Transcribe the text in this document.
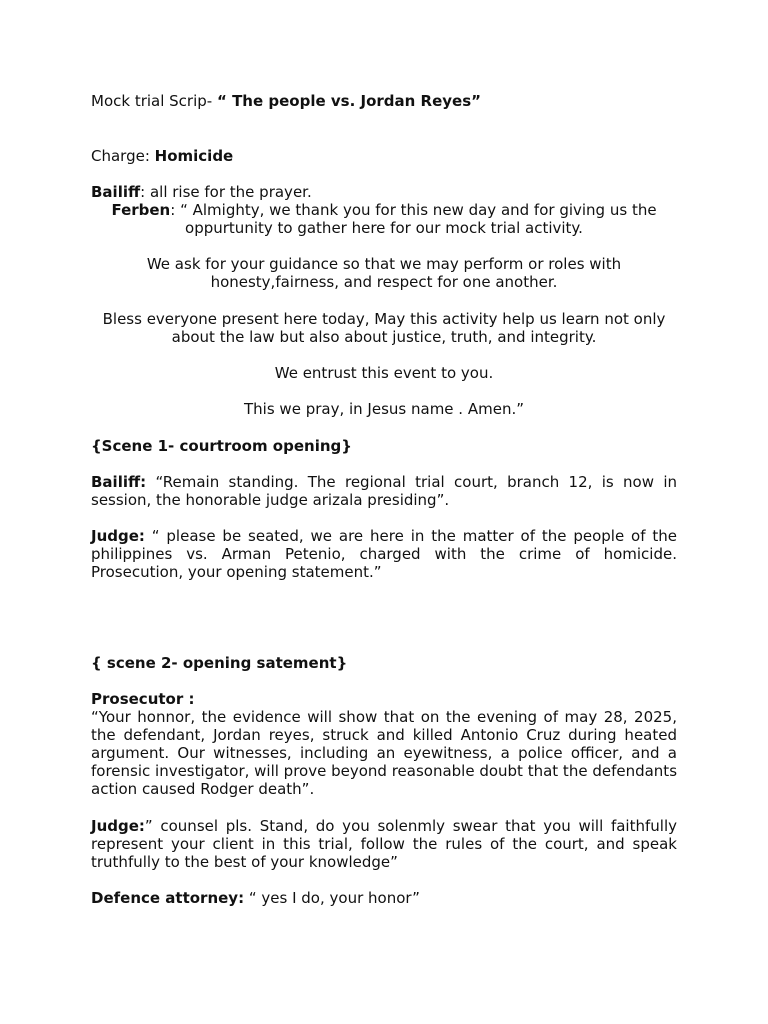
Mock trial Scrip- “ The people vs. Jordan Reyes”

Charge: Homicide

Bailiff: all rise for the prayer.

Ferben: “ Almighty, we thank you for this new day and for giving us the

oppurtunity to gather here for our mock trial activity.

We ask for your guidance so that we may perform or roles with honesty,fairness, and respect for one another.

Bless everyone present here today, May this activity help us learn not only about the law but also about justice, truth, and integrity.

We entrust this event to you.

This we pray, in Jesus name . Amen.”

{Scene 1- courtroom opening}

Bailiff: “Remain standing. The regional trial court, branch 12, is now in session, the honorable judge arizala presiding”.

Judge: “ please be seated, we are here in the matter of the people of the philippines vs. Arman Petenio, charged with the crime of homicide. Prosecution, your opening statement.”

{ scene 2- opening satement}

Prosecutor :

“Your honnor, the evidence will show that on the evening of may 28, 2025, the defendant, Jordan reyes, struck and killed Antonio Cruz during heated argument. Our witnesses, including an eyewitness, a police officer, and a forensic investigator, will prove beyond reasonable doubt that the defendants action caused Rodger death”.

Judge:” counsel pls. Stand, do you solenmly swear that you will faithfully represent your client in this trial, follow the rules of the court, and speak truthfully to the best of your knowledge”

Defence attorney: “ yes I do, your honor”
